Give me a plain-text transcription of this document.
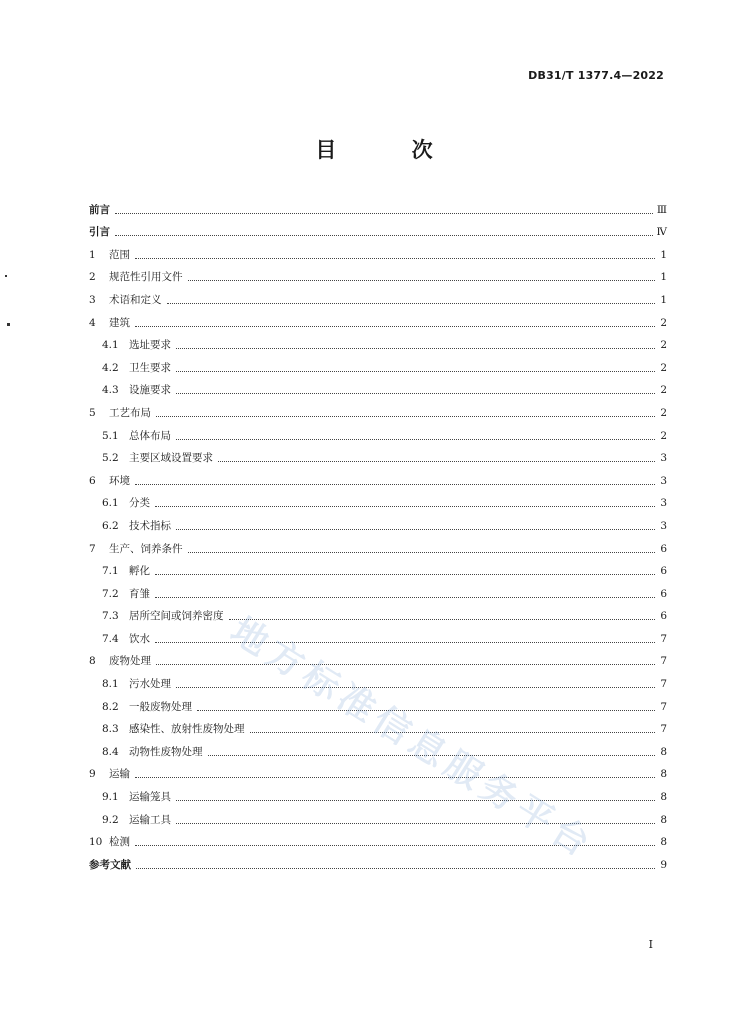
DB31/T 1377.4—2022
目 次
前言	Ⅲ
引言	Ⅳ
1	范围	1
2	规范性引用文件	1
3	术语和定义	1
4	建筑	2
4.1 选址要求	2
4.2 卫生要求	2
4.3 设施要求	2
5	工艺布局	2
5.1 总体布局	2
5.2 主要区域设置要求	3
6	环境	3
6.1 分类	3
6.2 技术指标	3
7	生产、饲养条件	6
7.1 孵化	6
7.2 育雏	6
7.3 居所空间或饲养密度	6
7.4 饮水	7
8	废物处理	7
8.1 污水处理	7
8.2 一般废物处理	7
8.3 感染性、放射性废物处理	7
8.4 动物性废物处理	8
9	运输	8
9.1 运输笼具	8
9.2 运输工具	8
10 检测	8
参考文献	9
地方标准信息服务平台
I
